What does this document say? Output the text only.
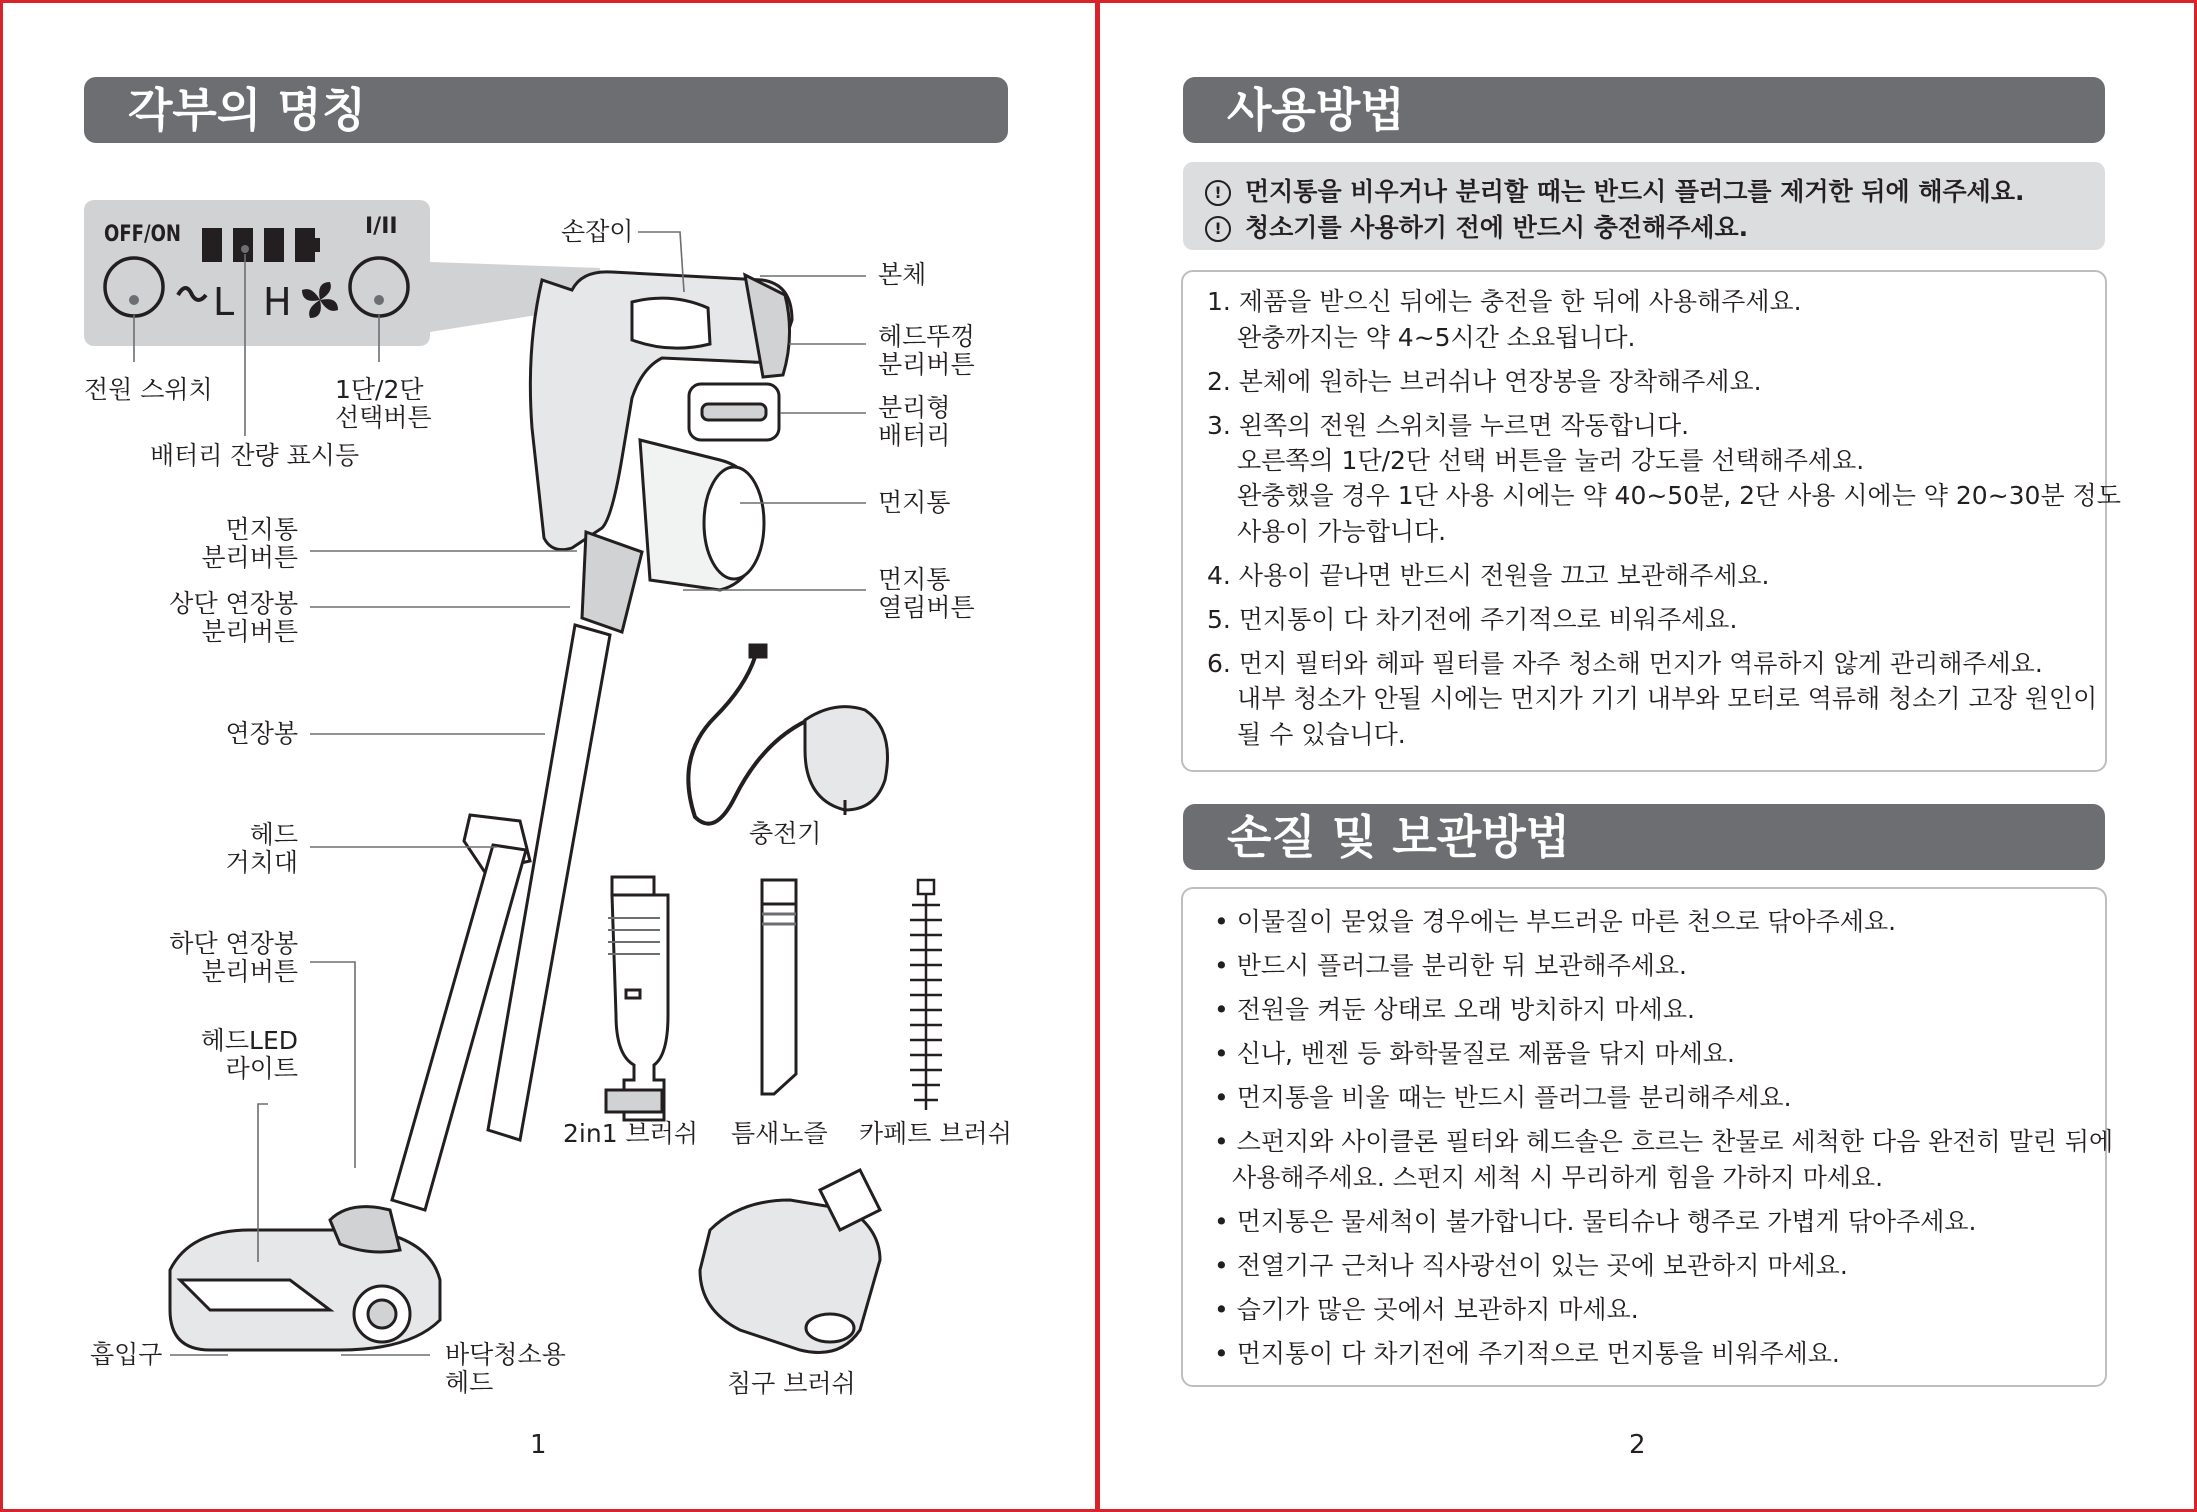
각부의 명칭
OFF/ON	I/II
L H
손잡이
본체
헤드뚜껑
분리버튼
분리형
배터리
먼지통
먼지통
열림버튼
전원 스위치	1단/2단
선택버튼
배터리 잔량 표시등
먼지통
분리버튼
상단 연장봉
분리버튼
연장봉
헤드
거치대
하단 연장봉
분리버튼
헤드LED
라이트
흡입구	바닥청소용
헤드
충전기
2in1 브러쉬 틈새노즐 카페트 브러쉬
침구 브러쉬
1
사용방법
! 먼지통을 비우거나 분리할 때는 반드시 플러그를 제거한 뒤에 해주세요.
! 청소기를 사용하기 전에 반드시 충전해주세요.
1. 제품을 받으신 뒤에는 충전을 한 뒤에 사용해주세요.
완충까지는 약 4~5시간 소요됩니다.
2. 본체에 원하는 브러쉬나 연장봉을 장착해주세요.
3. 왼쪽의 전원 스위치를 누르면 작동합니다.
오른쪽의 1단/2단 선택 버튼을 눌러 강도를 선택해주세요.
완충했을 경우 1단 사용 시에는 약 40~50분, 2단 사용 시에는 약 20~30분 정도
사용이 가능합니다.
4. 사용이 끝나면 반드시 전원을 끄고 보관해주세요.
5. 먼지통이 다 차기전에 주기적으로 비워주세요.
6. 먼지 필터와 헤파 필터를 자주 청소해 먼지가 역류하지 않게 관리해주세요.
내부 청소가 안될 시에는 먼지가 기기 내부와 모터로 역류해 청소기 고장 원인이
될 수 있습니다.
손질 및 보관방법
• 이물질이 묻었을 경우에는 부드러운 마른 천으로 닦아주세요.
• 반드시 플러그를 분리한 뒤 보관해주세요.
• 전원을 켜둔 상태로 오래 방치하지 마세요.
• 신나, 벤젠 등 화학물질로 제품을 닦지 마세요.
• 먼지통을 비울 때는 반드시 플러그를 분리해주세요.
• 스펀지와 사이클론 필터와 헤드솔은 흐르는 찬물로 세척한 다음 완전히 말린 뒤에
사용해주세요. 스펀지 세척 시 무리하게 힘을 가하지 마세요.
• 먼지통은 물세척이 불가합니다. 물티슈나 행주로 가볍게 닦아주세요.
• 전열기구 근처나 직사광선이 있는 곳에 보관하지 마세요.
• 습기가 많은 곳에서 보관하지 마세요.
• 먼지통이 다 차기전에 주기적으로 먼지통을 비워주세요.
2
